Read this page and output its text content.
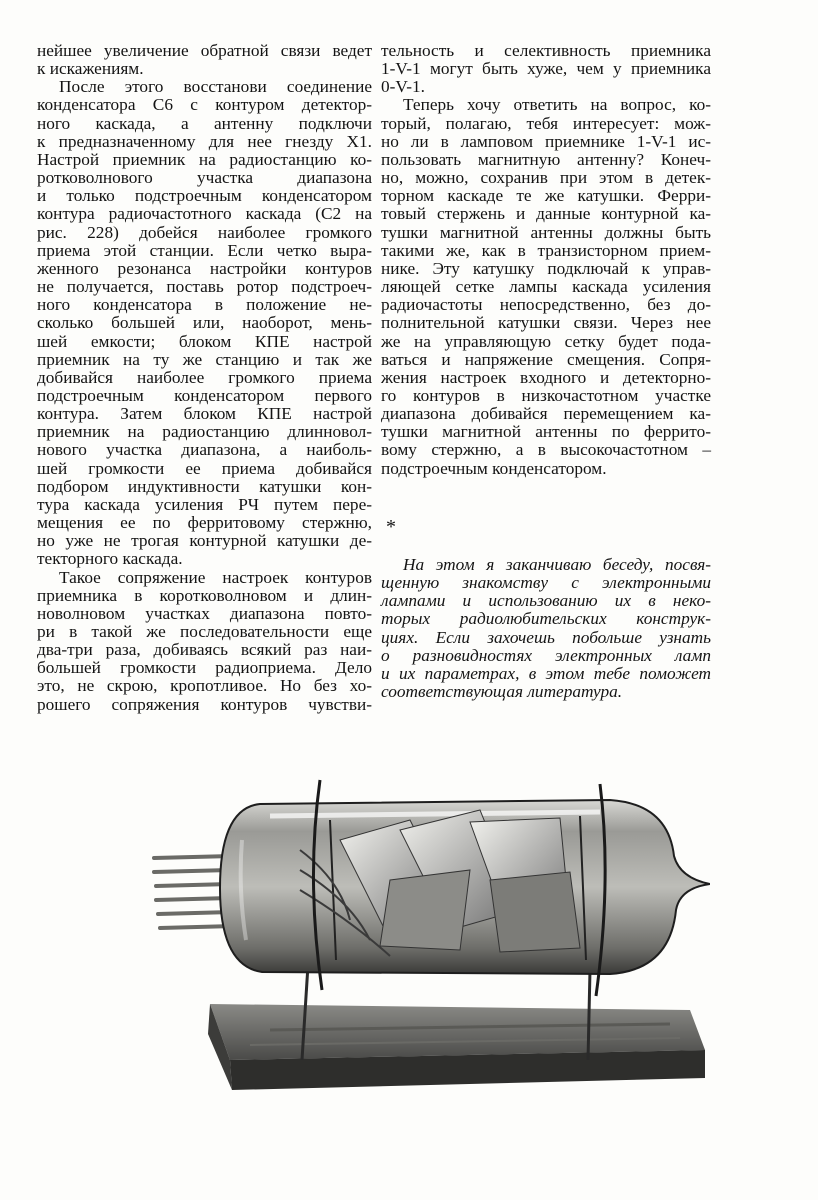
нейшее увеличение обратной связи ведет
к искажениям.
После этого восстанови соединение
конденсатора С6 с контуром детектор-
ного каскада, а антенну подключи
к предназначенному для нее гнезду X1.
Настрой приемник на радиостанцию ко-
ротковолнового участка диапазона
и только подстроечным конденсатором
контура радиочастотного каскада (С2 на
рис. 228) добейся наиболее громкого
приема этой станции. Если четко выра-
женного резонанса настройки контуров
не получается, поставь ротор подстроеч-
ного конденсатора в положение не-
сколько большей или, наоборот, мень-
шей емкости; блоком КПЕ настрой
приемник на ту же станцию и так же
добивайся наиболее громкого приема
подстроечным конденсатором первого
контура. Затем блоком КПЕ настрой
приемник на радиостанцию длинновол-
нового участка диапазона, а наиболь-
шей громкости ее приема добивайся
подбором индуктивности катушки кон-
тура каскада усиления РЧ путем пере-
мещения ее по ферритовому стержню,
но уже не трогая контурной катушки де-
текторного каскада.
Такое сопряжение настроек контуров
приемника в коротковолновом и длин-
новолновом участках диапазона повто-
ри в такой же последовательности еще
два-три раза, добиваясь всякий раз наи-
большей громкости радиоприема. Дело
это, не скрою, кропотливое. Но без хо-
рошего сопряжения контуров чувстви-
тельность и селективность приемника
1-V-1 могут быть хуже, чем у приемника
0-V-1.
Теперь хочу ответить на вопрос, ко-
торый, полагаю, тебя интересует: мож-
но ли в ламповом приемнике 1-V-1 ис-
пользовать магнитную антенну? Конеч-
но, можно, сохранив при этом в детек-
торном каскаде те же катушки. Ферри-
товый стержень и данные контурной ка-
тушки магнитной антенны должны быть
такими же, как в транзисторном прием-
нике. Эту катушку подключай к управ-
ляющей сетке лампы каскада усиления
радиочастоты непосредственно, без до-
полнительной катушки связи. Через нее
же на управляющую сетку будет пода-
ваться и напряжение смещения. Сопря-
жения настроек входного и детекторно-
го контуров в низкочастотном участке
диапазона добивайся перемещением ка-
тушки магнитной антенны по феррито-
вому стержню, а в высокочастотном –
подстроечным конденсатором.
*
На этом я заканчиваю беседу, посвя-
щенную знакомству с электронными
лампами и использованию их в неко-
торых радиолюбительских конструк-
циях. Если захочешь побольше узнать
о разновидностях электронных ламп
и их параметрах, в этом тебе поможет
соответствующая литература.
